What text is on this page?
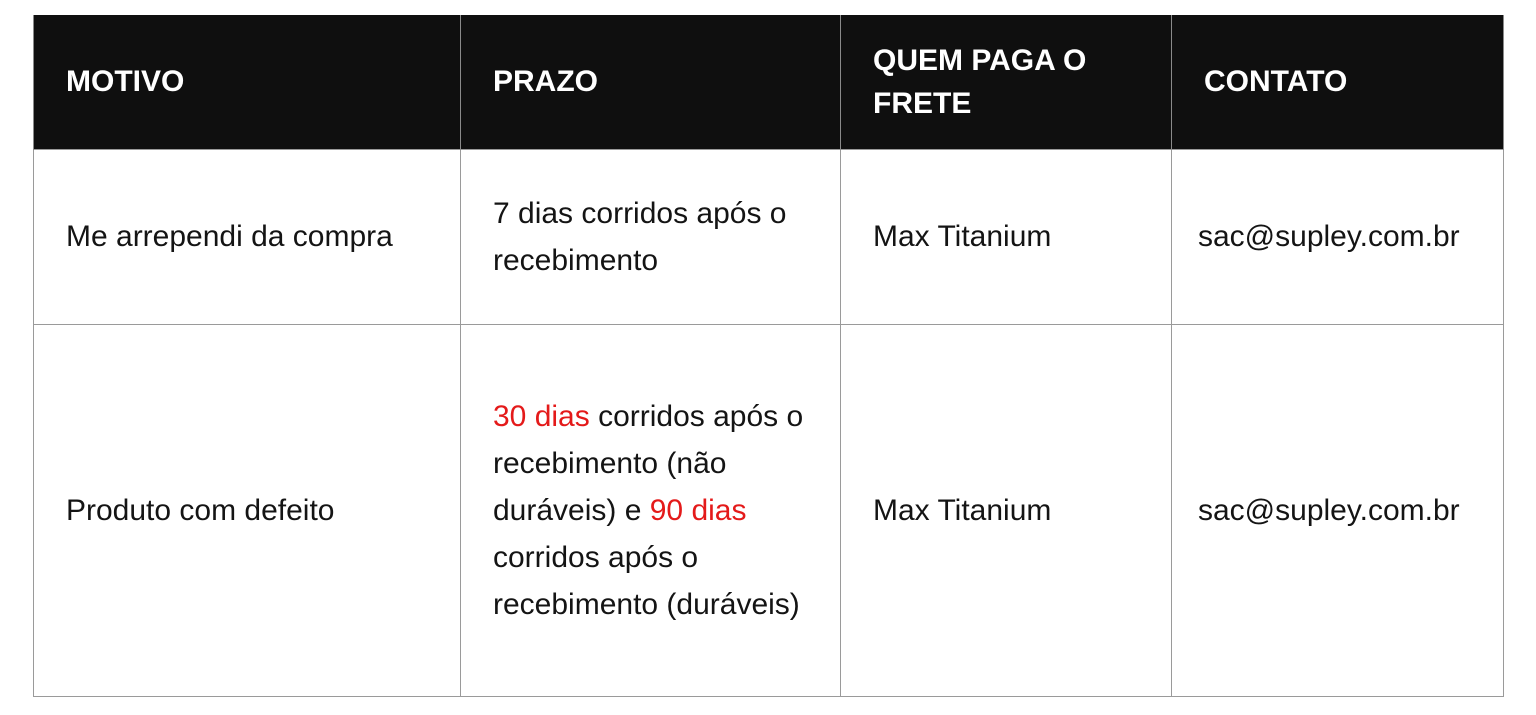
MOTIVO	PRAZO	QUEM PAGA O FRETE	CONTATO
Me arrependi da compra	7 dias corridos após o recebimento	Max Titanium	sac@supley.com.br
Produto com defeito	30 dias corridos após o recebimento (não duráveis) e 90 dias corridos após o recebimento (duráveis)	Max Titanium	sac@supley.com.br
